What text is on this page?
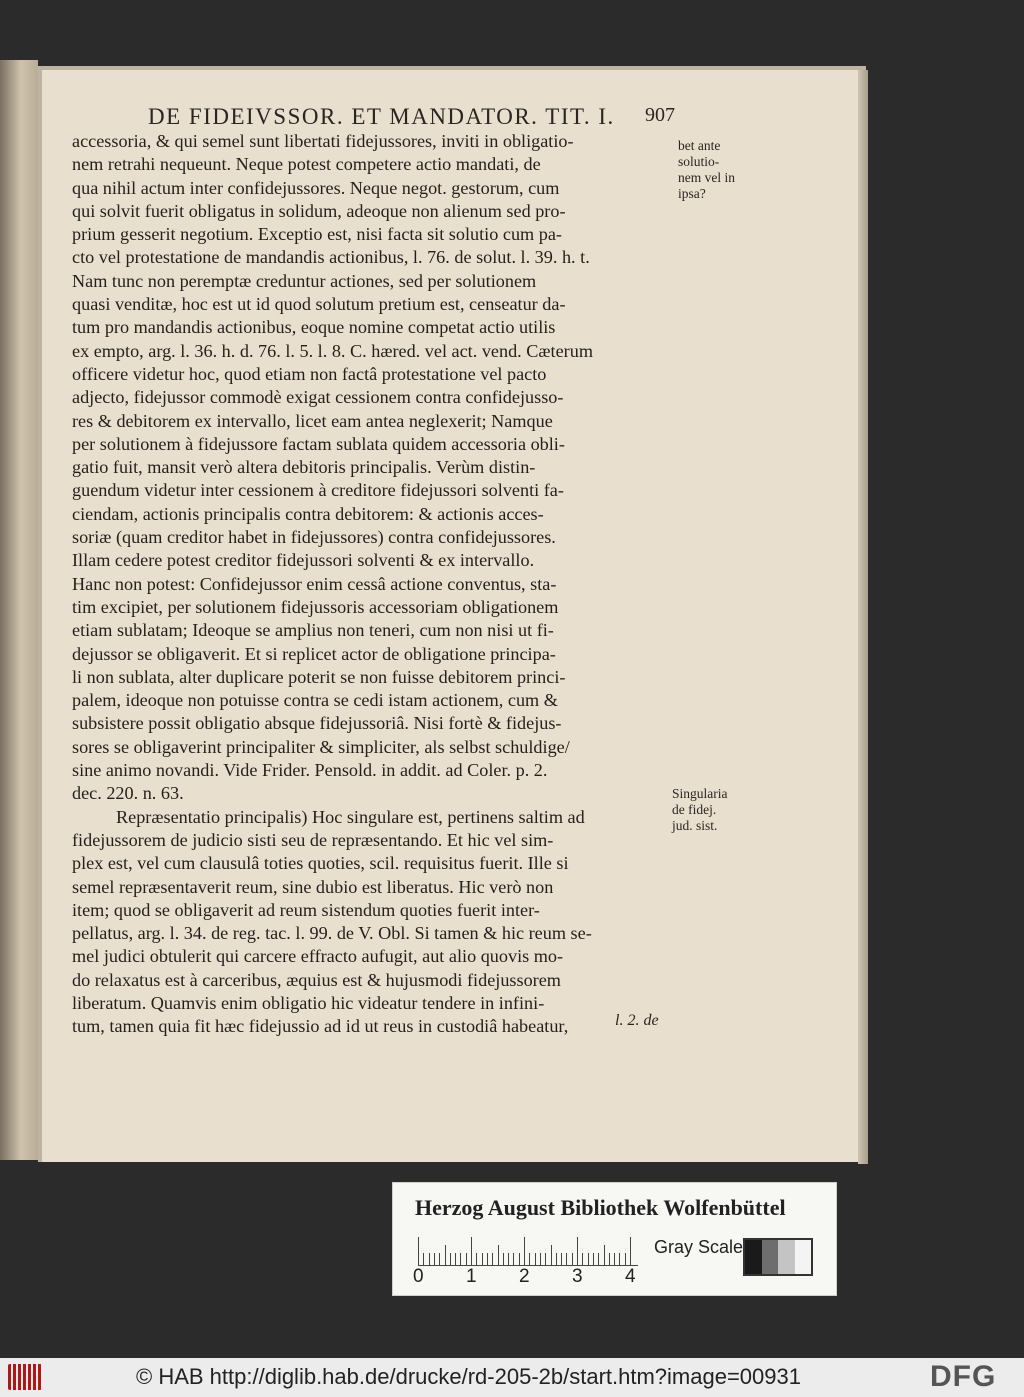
DE FIDEIVSSOR. ET MANDATOR. TIT. I.	907
accessoria, & qui semel sunt libertati fidejussores, inviti in obligatio-
nem retrahi nequeunt. Neque potest competere actio mandati, de
qua nihil actum inter confidejussores. Neque negot. gestorum, cum
qui solvit fuerit obligatus in solidum, adeoque non alienum sed pro-
prium gesserit negotium. Exceptio est, nisi facta sit solutio cum pa-
cto vel protestatione de mandandis actionibus, l. 76. de solut. l. 39. h. t.
Nam tunc non peremptæ creduntur actiones, sed per solutionem
quasi venditæ, hoc est ut id quod solutum pretium est, censeatur da-
tum pro mandandis actionibus, eoque nomine competat actio utilis
ex empto, arg. l. 36. h. d. 76. l. 5. l. 8. C. hæred. vel act. vend. Cæterum
officere videtur hoc, quod etiam non factâ protestatione vel pacto
adjecto, fidejussor commodè exigat cessionem contra confidejusso-
res & debitorem ex intervallo, licet eam antea neglexerit; Namque
per solutionem à fidejussore factam sublata quidem accessoria obli-
gatio fuit, mansit verò altera debitoris principalis. Verùm distin-
guendum videtur inter cessionem à creditore fidejussori solventi fa-
ciendam, actionis principalis contra debitorem: & actionis acces-
soriæ (quam creditor habet in fidejussores) contra confidejussores.
Illam cedere potest creditor fidejussori solventi & ex intervallo.
Hanc non potest: Confidejussor enim cessâ actione conventus, sta-
tim excipiet, per solutionem fidejussoris accessoriam obligationem
etiam sublatam; Ideoque se amplius non teneri, cum non nisi ut fi-
dejussor se obligaverit. Et si replicet actor de obligatione principa-
li non sublata, alter duplicare poterit se non fuisse debitorem princi-
palem, ideoque non potuisse contra se cedi istam actionem, cum &
subsistere possit obligatio absque fidejussoriâ. Nisi fortè & fidejus-
sores se obligaverint principaliter & simpliciter, als selbst schuldige/
sine animo novandi. Vide Frider. Pensold. in addit. ad Coler. p. 2.
dec. 220. n. 63.
Repræsentatio principalis) Hoc singulare est, pertinens saltim ad
fidejussorem de judicio sisti seu de repræsentando. Et hic vel sim-
plex est, vel cum clausulâ toties quoties, scil. requisitus fuerit. Ille si
semel repræsentaverit reum, sine dubio est liberatus. Hic verò non
item; quod se obligaverit ad reum sistendum quoties fuerit inter-
pellatus, arg. l. 34. de reg. tac. l. 99. de V. Obl. Si tamen & hic reum se-
mel judici obtulerit qui carcere effracto aufugit, aut alio quovis mo-
do relaxatus est à carceribus, æquius est & hujusmodi fidejussorem
liberatum. Quamvis enim obligatio hic videatur tendere in infini-
tum, tamen quia fit hæc fidejussio ad id ut reus in custodiâ habeatur,
bet ante
solutio-
nem vel in
ipsa?
Singularia
de fidej.
jud. sist.
l. 2. de
Herzog August Bibliothek Wolfenbüttel
0 1 2 3 4
Gray Scale
© HAB http://diglib.hab.de/drucke/rd-205-2b/start.htm?image=00931	DFG
